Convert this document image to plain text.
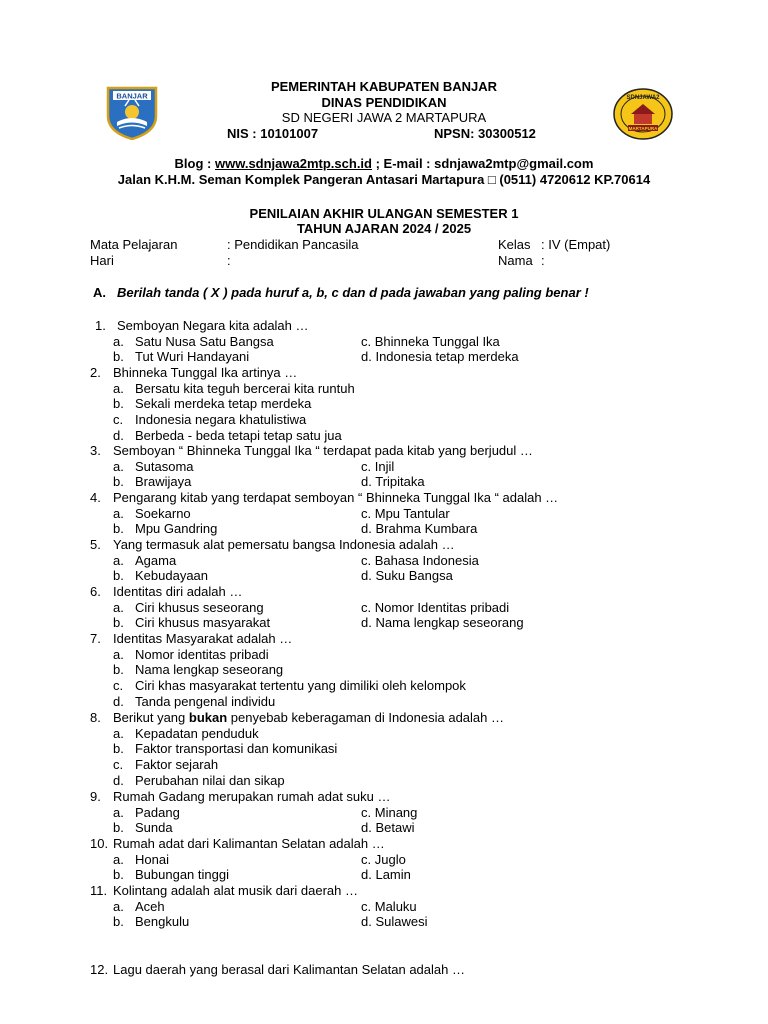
BANJAR	SDNJAWA2
MARTAPURA
PEMERINTAH KABUPATEN BANJAR
DINAS PENDIDIKAN
SD NEGERI JAWA 2 MARTAPURA
NIS : 10101007	NPSN: 30300512
Blog : www.sdnjawa2mtp.sch.id ; E-mail : sdnjawa2mtp@gmail.com
Jalan K.H.M. Seman Komplek Pangeran Antasari Martapura □ (0511) 4720612 KP.70614
PENILAIAN AKHIR ULANGAN SEMESTER 1
TAHUN AJARAN 2024 / 2025
Mata Pelajaran	: Pendidikan Pancasila	Kelas : IV (Empat)
Hari	:	Nama :
A. Berilah tanda ( X ) pada huruf a, b, c dan d pada jawaban yang paling benar !
1. Semboyan Negara kita adalah …
a. Satu Nusa Satu Bangsa	c. Bhinneka Tunggal Ika
b. Tut Wuri Handayani	d. Indonesia tetap merdeka
2. Bhinneka Tunggal Ika artinya …
a. Bersatu kita teguh bercerai kita runtuh
b. Sekali merdeka tetap merdeka
c. Indonesia negara khatulistiwa
d. Berbeda - beda tetapi tetap satu jua
3. Semboyan “ Bhinneka Tunggal Ika “ terdapat pada kitab yang berjudul …
a. Sutasoma	c. Injil
b. Brawijaya	d. Tripitaka
4. Pengarang kitab yang terdapat semboyan “ Bhinneka Tunggal Ika “ adalah …
a. Soekarno	c. Mpu Tantular
b. Mpu Gandring	d. Brahma Kumbara
5. Yang termasuk alat pemersatu bangsa Indonesia adalah …
a. Agama	c. Bahasa Indonesia
b. Kebudayaan	d. Suku Bangsa
6. Identitas diri adalah …
a. Ciri khusus seseorang	c. Nomor Identitas pribadi
b. Ciri khusus masyarakat	d. Nama lengkap seseorang
7. Identitas Masyarakat adalah …
a. Nomor identitas pribadi
b. Nama lengkap seseorang
c. Ciri khas masyarakat tertentu yang dimiliki oleh kelompok
d. Tanda pengenal individu
8. Berikut yang bukan penyebab keberagaman di Indonesia adalah …
a. Kepadatan penduduk
b. Faktor transportasi dan komunikasi
c. Faktor sejarah
d. Perubahan nilai dan sikap
9. Rumah Gadang merupakan rumah adat suku …
a. Padang	c. Minang
b. Sunda	d. Betawi
10. Rumah adat dari Kalimantan Selatan adalah …
a. Honai	c. Juglo
b. Bubungan tinggi	d. Lamin
11. Kolintang adalah alat musik dari daerah …
a. Aceh	c. Maluku
b. Bengkulu	d. Sulawesi
12. Lagu daerah yang berasal dari Kalimantan Selatan adalah …
